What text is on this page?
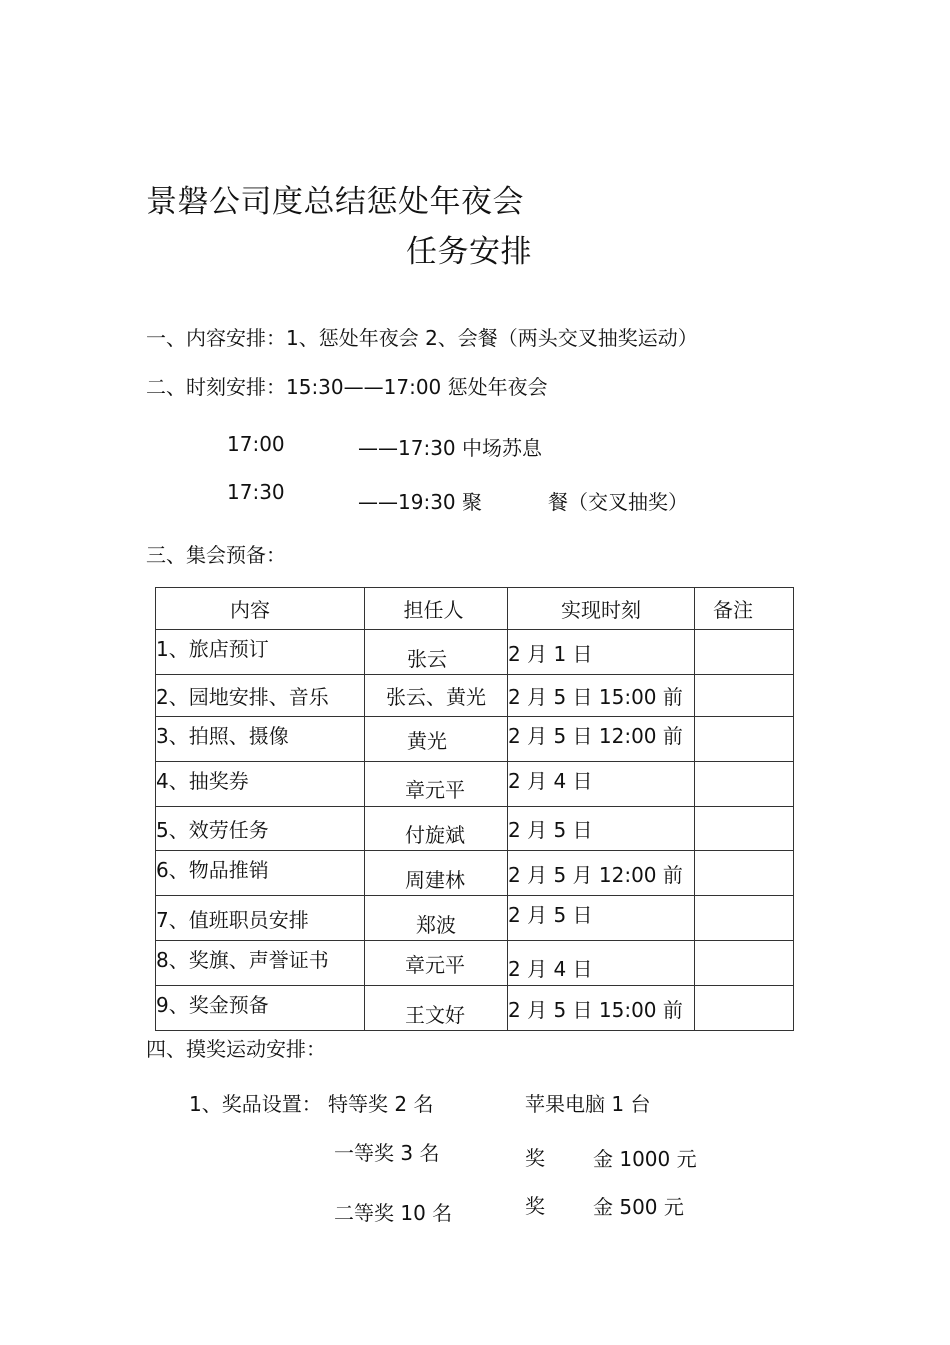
景磐公司度总结惩处年夜会
任务安排
一、内容安排：1、惩处年夜会 2、会餐（两头交叉抽奖运动）
二、时刻安排：15:30——17:00 惩处年夜会
17:00	——17:30 中场苏息
17:30	——19:30 聚	餐（交叉抽奖）
三、集会预备：
内容	担任人	实现时刻	备注
1、旅店预订	张云	2 月 1 日	
2、园地安排、音乐	张云、黄光	2 月 5 日 15:00 前	
3、拍照、摄像	黄光	2 月 5 日 12:00 前	
4、抽奖券	章元平	2 月 4 日	
5、效劳任务	付旋斌	2 月 5 日	
6、物品推销	周建林	2 月 5 月 12:00 前	
7、值班职员安排	郑波	2 月 5 日	
8、奖旗、声誉证书	章元平	2 月 4 日	
9、奖金预备	王文好	2 月 5 日 15:00 前	
四、摸奖运动安排：
1、奖品设置： 特等奖 2 名	苹果电脑 1 台
一等奖 3 名	奖 金 1000 元
二等奖 10 名	奖 金 500 元
